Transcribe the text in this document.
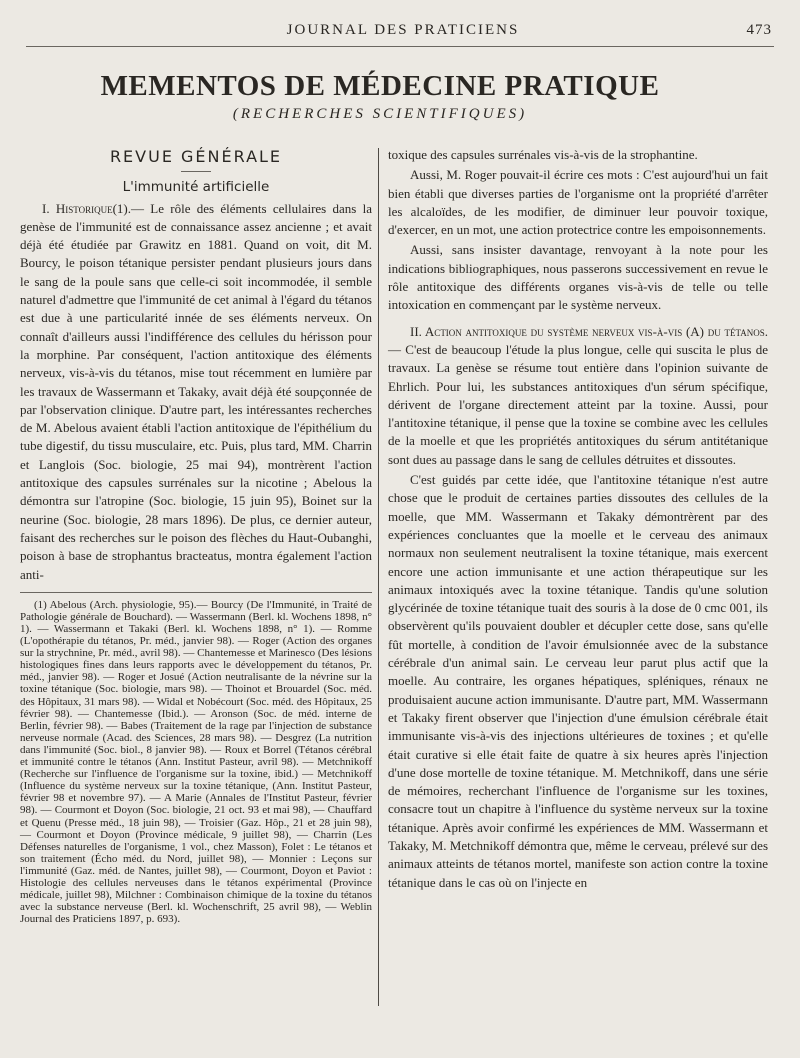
JOURNAL DES PRATICIENS	473
MEMENTOS DE MÉDECINE PRATIQUE
(RECHERCHES SCIENTIFIQUES)
REVUE GÉNÉRALE
L'immunité artificielle

I. Historique(1).— Le rôle des éléments cellulaires dans la genèse de l'immunité est de connaissance assez ancienne ; et avait déjà été étudiée par Grawitz en 1881. Quand on voit, dit M. Bourcy, le poison tétanique persister pendant plusieurs jours dans le sang de la poule sans que celle-ci soit incommodée, il semble naturel d'admettre que l'immunité de cet animal à l'égard du tétanos est due à une particularité innée de ses éléments nerveux. On connaît d'ailleurs aussi l'indifférence des cellules du hérisson pour la morphine. Par conséquent, l'action antitoxique des éléments nerveux, vis-à-vis du tétanos, mise tout récemment en lumière par les travaux de Wassermann et Takaky, avait déjà été soupçonnée de par l'observation clinique. D'autre part, les intéressantes recherches de M. Abelous avaient établi l'action antitoxique de l'épithélium du tube digestif, du tissu musculaire, etc. Puis, plus tard, MM. Charrin et Langlois (Soc. biologie, 25 mai 94), montrèrent l'action antitoxique des capsules surrénales sur la nicotine ; Abelous la démontra sur l'atropine (Soc. biologie, 15 juin 95), Boinet sur la neurine (Soc. biologie, 28 mars 1896). De plus, ce dernier auteur, faisant des recherches sur le poison des flèches du Haut-Oubanghi, poison à base de strophantus bracteatus, montra également l'action anti-

(1) Abelous (Arch. physiologie, 95).— Bourcy (De l'Immunité, in Traité de Pathologie générale de Bouchard). — Wassermann (Berl. kl. Wochens 1898, n° 1). — Wassermann et Takaki (Berl. kl. Wochens 1898, n° 1). — Romme (L'opothérapie du tétanos, Pr. méd., janvier 98). — Roger (Action des organes sur la strychnine, Pr. méd., avril 98). — Chantemesse et Marinesco (Des lésions histologiques fines dans leurs rapports avec le développement du tétanos, Pr. méd., janvier 98). — Roger et Josué (Action neutralisante de la névrine sur la toxine tétanique (Soc. biologie, mars 98). — Thoinot et Brouardel (Soc. méd. des Hôpitaux, 31 mars 98). — Widal et Nobécourt (Soc. méd. des Hôpitaux, 25 février 98). — Chantemesse (Ibid.). — Aronson (Soc. de méd. interne de Berlin, février 98). — Babes (Traitement de la rage par l'injection de substance nerveuse normale (Acad. des Sciences, 28 mars 98). — Desgrez (La nutrition dans l'immunité (Soc. biol., 8 janvier 98). — Roux et Borrel (Tétanos cérébral et immunité contre le tétanos (Ann. Institut Pasteur, avril 98). — Metchnikoff (Recherche sur l'influence de l'organisme sur la toxine, ibid.) — Metchnikoff (Influence du système nerveux sur la toxine tétanique, (Ann. Institut Pasteur, février 98 et novembre 97). — A Marie (Annales de l'Institut Pasteur, février 98). — Courmont et Doyon (Soc. biologie, 21 oct. 93 et mai 98), — Chauffard et Quenu (Presse méd., 18 juin 98), — Troisier (Gaz. Hôp., 21 et 28 juin 98), — Courmont et Doyon (Province médicale, 9 juillet 98), — Charrin (Les Défenses naturelles de l'organisme, 1 vol., chez Masson), Folet : Le tétanos et son traitement (Écho méd. du Nord, juillet 98), — Monnier : Leçons sur l'immunité (Gaz. méd. de Nantes, juillet 98), — Courmont, Doyon et Paviot : Histologie des cellules nerveuses dans le tétanos expérimental (Province médicale, juillet 98), Milchner : Combinaison chimique de la toxine du tétanos avec la substance nerveuse (Berl. kl. Wochenschrift, 25 avril 98), — Weblin Journal des Praticiens 1897, p. 693).

toxique des capsules surrénales vis-à-vis de la strophantine.

Aussi, M. Roger pouvait-il écrire ces mots : C'est aujourd'hui un fait bien établi que diverses parties de l'organisme ont la propriété d'arrêter les alcaloïdes, de les modifier, de diminuer leur pouvoir toxique, d'exercer, en un mot, une action protectrice contre les empoisonnements.

Aussi, sans insister davantage, renvoyant à la note pour les indications bibliographiques, nous passerons successivement en revue le rôle antitoxique des différents organes vis-à-vis de telle ou telle intoxication en commençant par le système nerveux.

II. Action antitoxique du système nerveux vis-à-vis (A) du tétanos. — C'est de beaucoup l'étude la plus longue, celle qui suscita le plus de travaux. La genèse se résume tout entière dans l'opinion suivante de Ehrlich. Pour lui, les substances antitoxiques d'un sérum spécifique, dérivent de l'organe directement atteint par la toxine. Aussi, pour l'antitoxine tétanique, il pense que la toxine se combine avec les cellules de la moelle et que les propriétés antitoxiques du sérum antitétanique sont dues au passage dans le sang de cellules détruites et dissoutes.

C'est guidés par cette idée, que l'antitoxine tétanique n'est autre chose que le produit de certaines parties dissoutes des cellules de la moelle, que MM. Wassermann et Takaky démontrèrent par des expériences concluantes que la moelle et le cerveau des animaux normaux non seulement neutralisent la toxine tétanique, mais exercent encore une action immunisante et une action thérapeutique sur les animaux intoxiqués avec la toxine tétanique. Tandis qu'une solution glycérinée de toxine tétanique tuait des souris à la dose de 0 cmc 001, ils observèrent qu'ils pouvaient doubler et décupler cette dose, sans qu'elle fût mortelle, à condition de l'avoir émulsionnée avec de la substance cérébrale d'un animal sain. Le cerveau leur parut plus actif que la moelle. Au contraire, les organes hépatiques, spléniques, rénaux ne produisaient aucune action immunisante. D'autre part, MM. Wassermann et Takaky firent observer que l'injection d'une émulsion cérébrale était immunisante vis-à-vis des injections ultérieures de toxines ; et qu'elle était curative si elle était faite de quatre à six heures après l'injection d'une dose mortelle de toxine tétanique. M. Metchnikoff, dans une série de mémoires, recherchant l'influence de l'organisme sur les toxines, consacre tout un chapitre à l'influence du système nerveux sur la toxine tétanique. Après avoir confirmé les expériences de MM. Wassermann et Takaky, M. Metchnikoff démontra que, même le cerveau, prélevé sur des animaux atteints de tétanos mortel, manifeste son action contre la toxine tétanique dans le cas où on l'injecte en
